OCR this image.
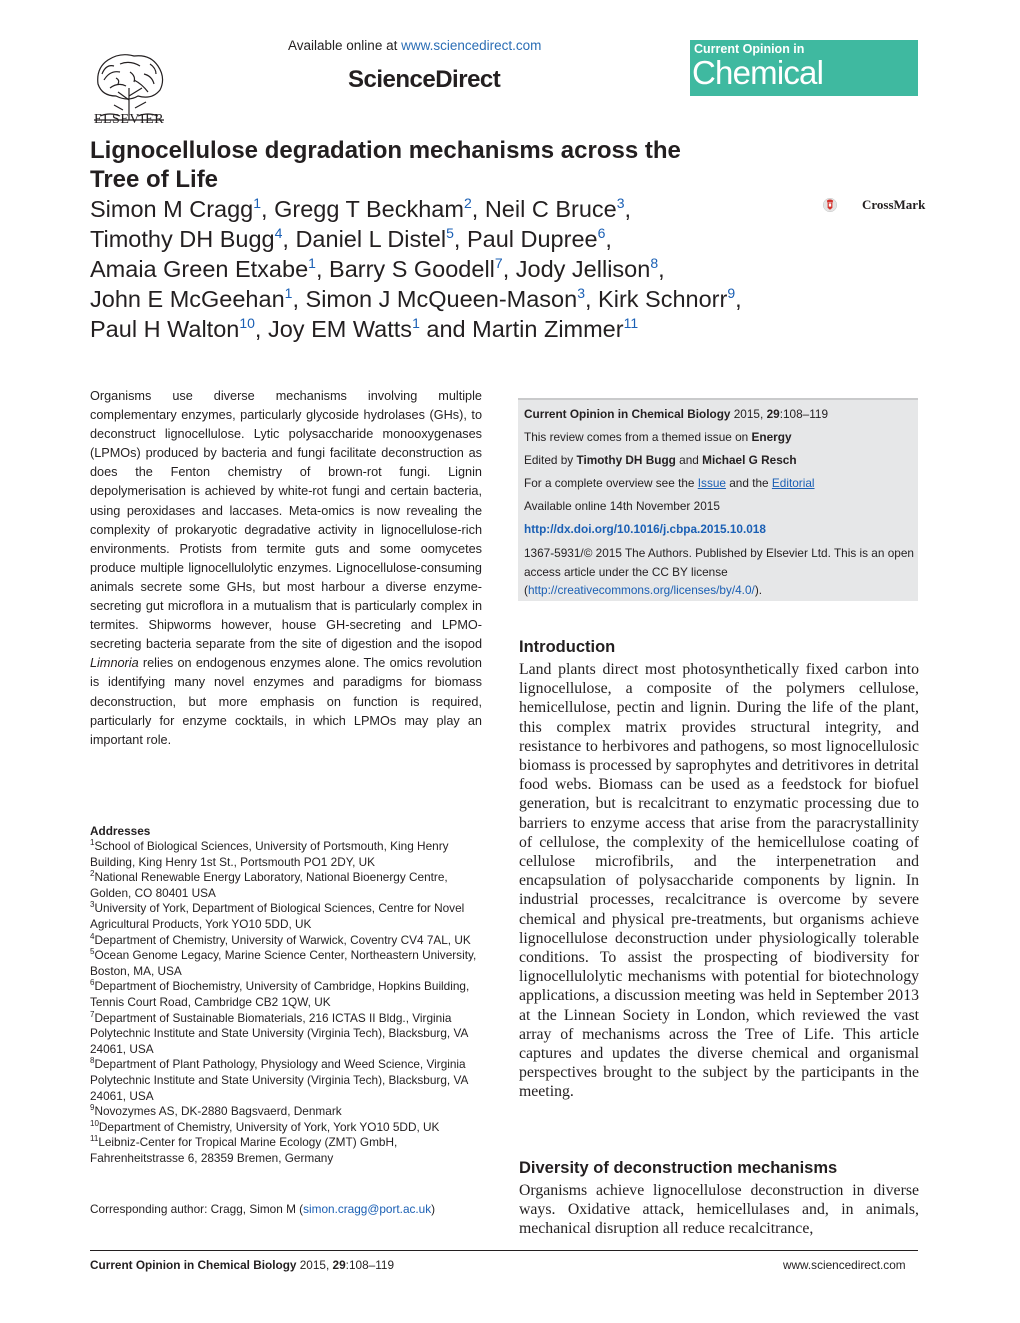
ELSEVIER
Available online at www.sciencedirect.com
ScienceDirect
Current Opinion in
Chemical Biology
Lignocellulose degradation mechanisms across the
Tree of Life
Simon M Cragg$^1$, Gregg T Beckham$^2$, Neil C Bruce$^3$,
Timothy DH Bugg$^4$, Daniel L Distel$^5$, Paul Dupree$^6$,
Amaia Green Etxabe$^1$, Barry S Goodell$^7$, Jody Jellison$^8$,
John E McGeehan$^1$, Simon J McQueen-Mason$^3$, Kirk Schnorr$^9$,
Paul H Walton$^{10}$, Joy EM Watts$^1$ and Martin Zimmer$^{11}$
CrossMark
Organisms use diverse mechanisms involving multiple complementary enzymes, particularly glycoside hydrolases (GHs), to deconstruct lignocellulose. Lytic polysaccharide monooxygenases (LPMOs) produced by bacteria and fungi facilitate deconstruction as does the Fenton chemistry of brown-rot fungi. Lignin depolymerisation is achieved by white-rot fungi and certain bacteria, using peroxidases and laccases. Meta-omics is now revealing the complexity of prokaryotic degradative activity in lignocellulose-rich environments. Protists from termite guts and some oomycetes produce multiple lignocellulolytic enzymes. Lignocellulose-consuming animals secrete some GHs, but most harbour a diverse enzyme-secreting gut microflora in a mutualism that is particularly complex in termites. Shipworms however, house GH-secreting and LPMO-secreting bacteria separate from the site of digestion and the isopod Limnoria relies on endogenous enzymes alone. The omics revolution is identifying many novel enzymes and paradigms for biomass deconstruction, but more emphasis on function is required, particularly for enzyme cocktails, in which LPMOs may play an important role.
Current Opinion in Chemical Biology 2015, 29:108–119
This review comes from a themed issue on Energy
Edited by Timothy DH Bugg and Michael G Resch
For a complete overview see the Issue and the Editorial
Available online 14th November 2015
http://dx.doi.org/10.1016/j.cbpa.2015.10.018
1367-5931/© 2015 The Authors. Published by Elsevier Ltd. This is an open access article under the CC BY license (http://creativecommons.org/licenses/by/4.0/).
Introduction
Land plants direct most photosynthetically fixed carbon into lignocellulose, a composite of the polymers cellulose, hemicellulose, pectin and lignin. During the life of the plant, this complex matrix provides structural integrity, and resistance to herbivores and pathogens, so most lignocellulosic biomass is processed by saprophytes and detritivores in detrital food webs. Biomass can be used as a feedstock for biofuel generation, but is recalcitrant to enzymatic processing due to barriers to enzyme access that arise from the paracrystallinity of cellulose, the complexity of the hemicellulose coating of cellulose microfibrils, and the interpenetration and encapsulation of polysaccharide components by lignin. In industrial processes, recalcitrance is overcome by severe chemical and physical pre-treatments, but organisms achieve lignocellulose deconstruction under physiologically tolerable conditions. To assist the prospecting of biodiversity for lignocellulolytic mechanisms with potential for biotechnology applications, a discussion meeting was held in September 2013 at the Linnean Society in London, which reviewed the vast array of mechanisms across the Tree of Life. This article captures and updates the diverse chemical and organismal perspectives brought to the subject by the participants in the meeting.
Diversity of deconstruction mechanisms
Organisms achieve lignocellulose deconstruction in diverse ways. Oxidative attack, hemicellulases and, in animals, mechanical disruption all reduce recalcitrance,
Addresses
$^1$School of Biological Sciences, University of Portsmouth, King Henry Building, King Henry 1st St., Portsmouth PO1 2DY, UK
$^2$National Renewable Energy Laboratory, National Bioenergy Centre, Golden, CO 80401 USA
$^3$University of York, Department of Biological Sciences, Centre for Novel Agricultural Products, York YO10 5DD, UK
$^4$Department of Chemistry, University of Warwick, Coventry CV4 7AL, UK
$^5$Ocean Genome Legacy, Marine Science Center, Northeastern University, Boston, MA, USA
$^6$Department of Biochemistry, University of Cambridge, Hopkins Building, Tennis Court Road, Cambridge CB2 1QW, UK
$^7$Department of Sustainable Biomaterials, 216 ICTAS II Bldg., Virginia Polytechnic Institute and State University (Virginia Tech), Blacksburg, VA 24061, USA
$^8$Department of Plant Pathology, Physiology and Weed Science, Virginia Polytechnic Institute and State University (Virginia Tech), Blacksburg, VA 24061, USA
$^9$Novozymes AS, DK-2880 Bagsvaerd, Denmark
$^{10}$Department of Chemistry, University of York, York YO10 5DD, UK
$^{11}$Leibniz-Center for Tropical Marine Ecology (ZMT) GmbH, Fahrenheitstrasse 6, 28359 Bremen, Germany
Corresponding author: Cragg, Simon M (simon.cragg@port.ac.uk)
Current Opinion in Chemical Biology 2015, 29:108–119	www.sciencedirect.com
